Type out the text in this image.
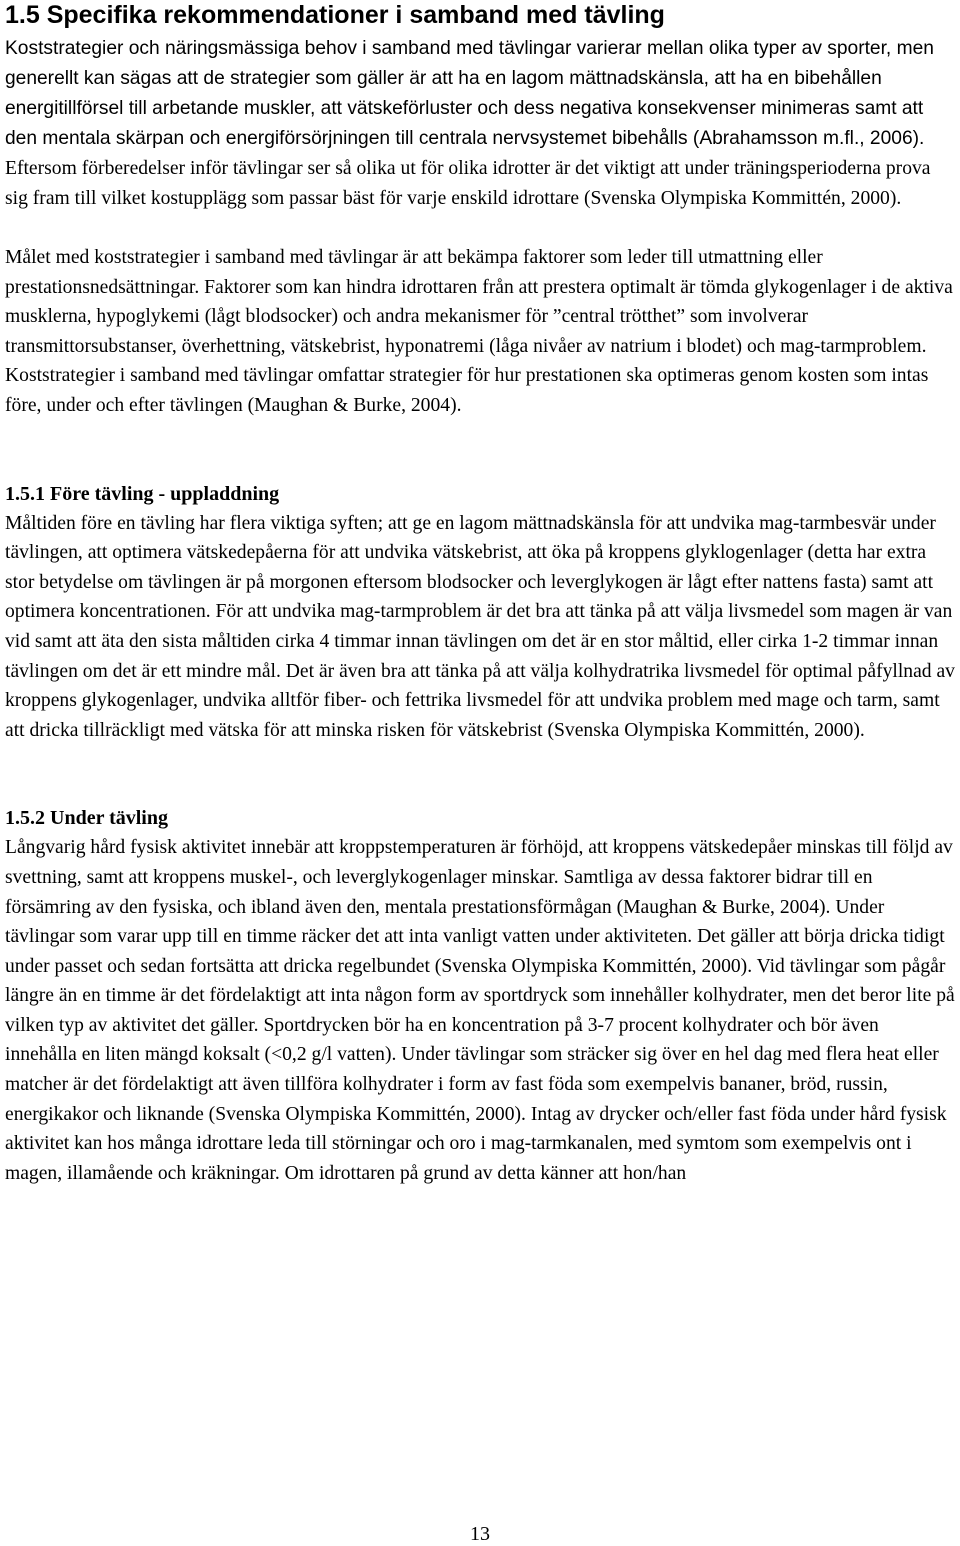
1.5 Specifika rekommendationer i samband med tävling

Koststrategier och näringsmässiga behov i samband med tävlingar varierar mellan olika typer av sporter, men generellt kan sägas att de strategier som gäller är att ha en lagom mättnadskänsla, att ha en bibehållen energitillförsel till arbetande muskler, att vätskeförluster och dess negativa konsekvenser minimeras samt att den mentala skärpan och energiförsörjningen till centrala nervsystemet bibehålls (Abrahamsson m.fl., 2006). Eftersom förberedelser inför tävlingar ser så olika ut för olika idrotter är det viktigt att under träningsperioderna prova sig fram till vilket kostupplägg som passar bäst för varje enskild idrottare (Svenska Olympiska Kommittén, 2000).

Målet med koststrategier i samband med tävlingar är att bekämpa faktorer som leder till utmattning eller prestationsnedsättningar. Faktorer som kan hindra idrottaren från att prestera optimalt är tömda glykogenlager i de aktiva musklerna, hypoglykemi (lågt blodsocker) och andra mekanismer för ”central trötthet” som involverar transmittorsubstanser, överhettning, vätskebrist, hyponatremi (låga nivåer av natrium i blodet) och mag-tarmproblem. Koststrategier i samband med tävlingar omfattar strategier för hur prestationen ska optimeras genom kosten som intas före, under och efter tävlingen (Maughan & Burke, 2004).

1.5.1 Före tävling - uppladdning

Måltiden före en tävling har flera viktiga syften; att ge en lagom mättnadskänsla för att undvika mag-tarmbesvär under tävlingen, att optimera vätskedepåerna för att undvika vätskebrist, att öka på kroppens glyklogenlager (detta har extra stor betydelse om tävlingen är på morgonen eftersom blodsocker och leverglykogen är lågt efter nattens fasta) samt att optimera koncentrationen. För att undvika mag-tarmproblem är det bra att tänka på att välja livsmedel som magen är van vid samt att äta den sista måltiden cirka 4 timmar innan tävlingen om det är en stor måltid, eller cirka 1-2 timmar innan tävlingen om det är ett mindre mål. Det är även bra att tänka på att välja kolhydratrika livsmedel för optimal påfyllnad av kroppens glykogenlager, undvika alltför fiber- och fettrika livsmedel för att undvika problem med mage och tarm, samt att dricka tillräckligt med vätska för att minska risken för vätskebrist (Svenska Olympiska Kommittén, 2000).

1.5.2 Under tävling

Långvarig hård fysisk aktivitet innebär att kroppstemperaturen är förhöjd, att kroppens vätskedepåer minskas till följd av svettning, samt att kroppens muskel-, och leverglykogenlager minskar. Samtliga av dessa faktorer bidrar till en försämring av den fysiska, och ibland även den, mentala prestationsförmågan (Maughan & Burke, 2004). Under tävlingar som varar upp till en timme räcker det att inta vanligt vatten under aktiviteten. Det gäller att börja dricka tidigt under passet och sedan fortsätta att dricka regelbundet (Svenska Olympiska Kommittén, 2000). Vid tävlingar som pågår längre än en timme är det fördelaktigt att inta någon form av sportdryck som innehåller kolhydrater, men det beror lite på vilken typ av aktivitet det gäller. Sportdrycken bör ha en koncentration på 3-7 procent kolhydrater och bör även innehålla en liten mängd koksalt (<0,2 g/l vatten). Under tävlingar som sträcker sig över en hel dag med flera heat eller matcher är det fördelaktigt att även tillföra kolhydrater i form av fast föda som exempelvis bananer, bröd, russin, energikakor och liknande (Svenska Olympiska Kommittén, 2000). Intag av drycker och/eller fast föda under hård fysisk aktivitet kan hos många idrottare leda till störningar och oro i mag-tarmkanalen, med symtom som exempelvis ont i magen, illamående och kräkningar. Om idrottaren på grund av detta känner att hon/han

13
